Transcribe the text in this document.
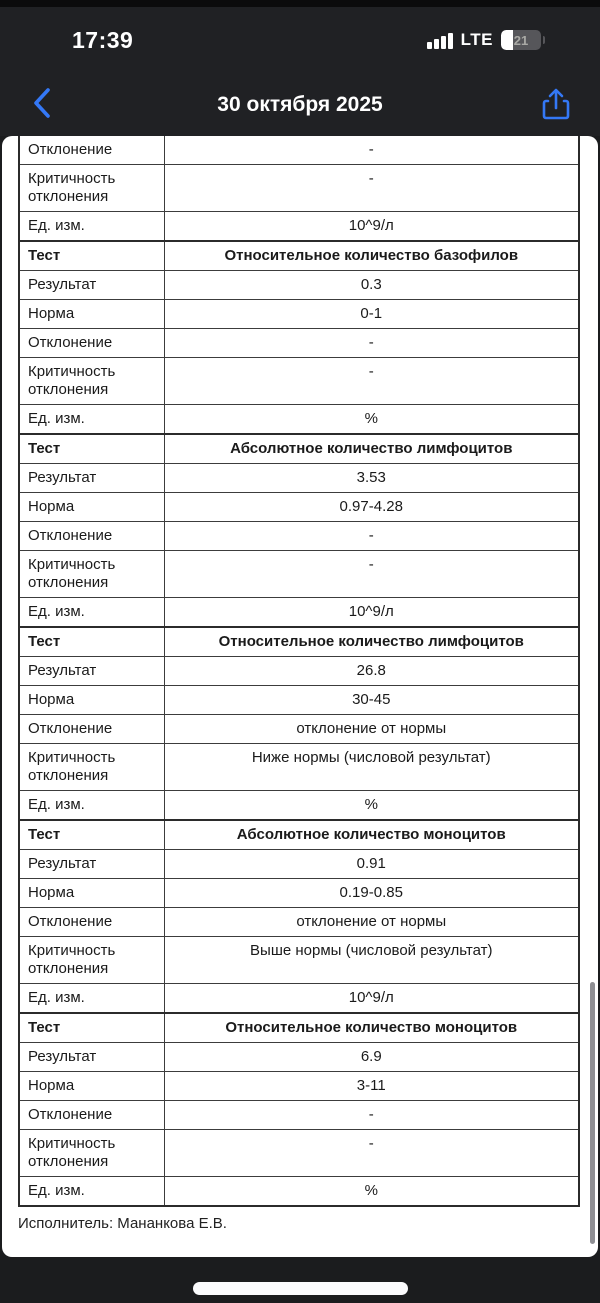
17:39	LTE	21
30 октября 2025
Отклонение	-
Критичность отклонения	-
Ед. изм.	10^9/л
Тест	Относительное количество базофилов
Результат	0.3
Норма	0-1
Отклонение	-
Критичность отклонения	-
Ед. изм.	%
Тест	Абсолютное количество лимфоцитов
Результат	3.53
Норма	0.97-4.28
Отклонение	-
Критичность отклонения	-
Ед. изм.	10^9/л
Тест	Относительное количество лимфоцитов
Результат	26.8
Норма	30-45
Отклонение	отклонение от нормы
Критичность отклонения	Ниже нормы (числовой результат)
Ед. изм.	%
Тест	Абсолютное количество моноцитов
Результат	0.91
Норма	0.19-0.85
Отклонение	отклонение от нормы
Критичность отклонения	Выше нормы (числовой результат)
Ед. изм.	10^9/л
Тест	Относительное количество моноцитов
Результат	6.9
Норма	3-11
Отклонение	-
Критичность отклонения	-
Ед. изм.	%
Исполнитель: Мананкова Е.В.
